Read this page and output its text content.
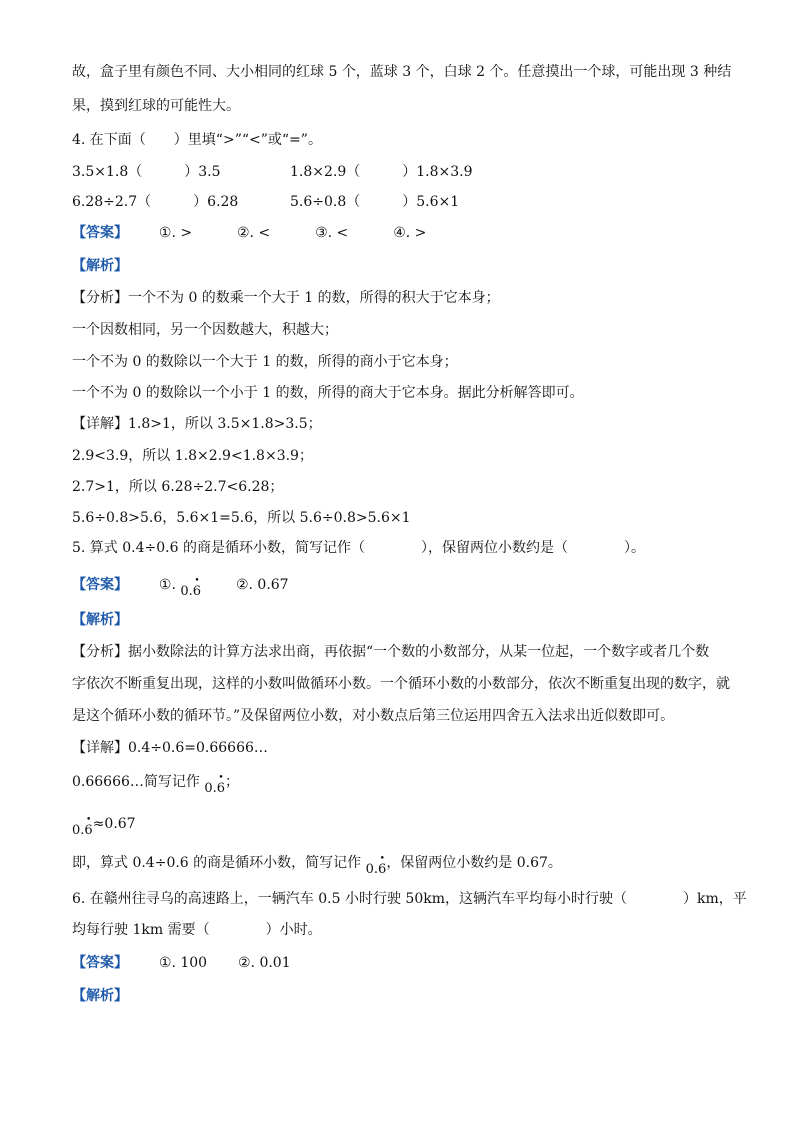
故，盒子里有颜色不同、大小相同的红球 5 个，蓝球 3 个，白球 2 个。任意摸出一个球，可能出现 3 种结
果，摸到红球的可能性大。
4. 在下面（　　）里填“>”“<”或“=”。
3.5×1.8（　　　）3.5	1.8×2.9（　　　）1.8×3.9
6.28÷2.7（　　　）6.28	5.6÷0.8（　　　）5.6×1
【答案】 ①. >	②. <	③. <	④. >
【解析】
【分析】一个不为 0 的数乘一个大于 1 的数，所得的积大于它本身；
一个因数相同，另一个因数越大，积越大；
一个不为 0 的数除以一个大于 1 的数，所得的商小于它本身；
一个不为 0 的数除以一个小于 1 的数，所得的商大于它本身。据此分析解答即可。
【详解】1.8>1，所以 3.5×1.8>3.5；
2.9<3.9，所以 1.8×2.9<1.8×3.9；
2.7>1，所以 6.28÷2.7<6.28；
5.6÷0.8>5.6，5.6×1=5.6，所以 5.6÷0.8>5.6×1
5. 算式 0.4÷0.6 的商是循环小数，简写记作（　　　　），保留两位小数约是（　　　　）。
【答案】 ①. 0.6
•	②. 0.67
【解析】
【分析】据小数除法的计算方法求出商，再依据“一个数的小数部分，从某一位起，一个数字或者几个数
字依次不断重复出现，这样的小数叫做循环小数。一个循环小数的小数部分，依次不断重复出现的数字，就
是这个循环小数的循环节。”及保留两位小数，对小数点后第三位运用四舍五入法求出近似数即可。
【详解】0.4÷0.6=0.66666…
0.66666…简写记作 0.6
• ；
0.6
• ≈0.67
即，算式 0.4÷0.6 的商是循环小数，简写记作 0.6
• ，保留两位小数约是 0.67。
6. 在赣州往寻乌的高速路上，一辆汽车 0.5 小时行驶 50km，这辆汽车平均每小时行驶（　　　　）km，平
均每行驶 1km 需要（　　　　）小时。
【答案】 ①. 100 ②. 0.01
【解析】
